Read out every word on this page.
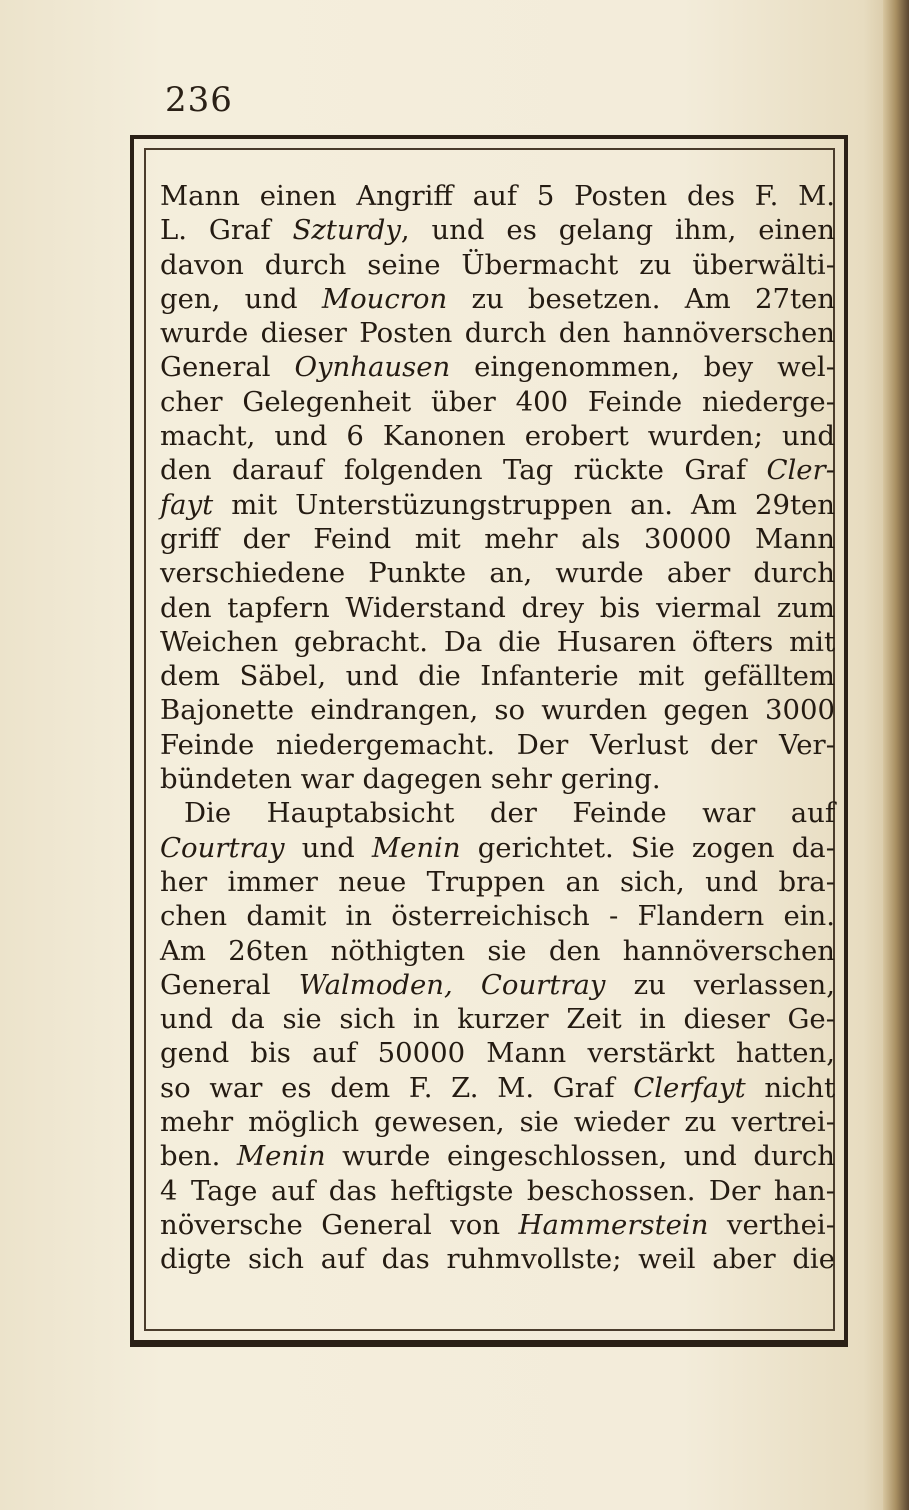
236
Mann einen Angriff auf 5 Posten des F. M.
L. Graf Szturdy, und es gelang ihm, einen
davon durch seine Übermacht zu überwälti-
gen, und Moucron zu besetzen. Am 27ten
wurde dieser Posten durch den hannöverschen
General Oynhausen eingenommen, bey wel-
cher Gelegenheit über 400 Feinde niederge-
macht, und 6 Kanonen erobert wurden; und
den darauf folgenden Tag rückte Graf Cler-
fayt mit Unterstüzungstruppen an. Am 29ten
griff der Feind mit mehr als 30000 Mann
verschiedene Punkte an, wurde aber durch
den tapfern Widerstand drey bis viermal zum
Weichen gebracht. Da die Husaren öfters mit
dem Säbel, und die Infanterie mit gefälltem
Bajonette eindrangen, so wurden gegen 3000
Feinde niedergemacht. Der Verlust der Ver-
bündeten war dagegen sehr gering.
Die Hauptabsicht der Feinde war auf
Courtray und Menin gerichtet. Sie zogen da-
her immer neue Truppen an sich, und bra-
chen damit in österreichisch - Flandern ein.
Am 26ten nöthigten sie den hannöverschen
General Walmoden, Courtray zu verlassen,
und da sie sich in kurzer Zeit in dieser Ge-
gend bis auf 50000 Mann verstärkt hatten,
so war es dem F. Z. M. Graf Clerfayt nicht
mehr möglich gewesen, sie wieder zu vertrei-
ben. Menin wurde eingeschlossen, und durch
4 Tage auf das heftigste beschossen. Der han-
növersche General von Hammerstein verthei-
digte sich auf das ruhmvollste; weil aber die
